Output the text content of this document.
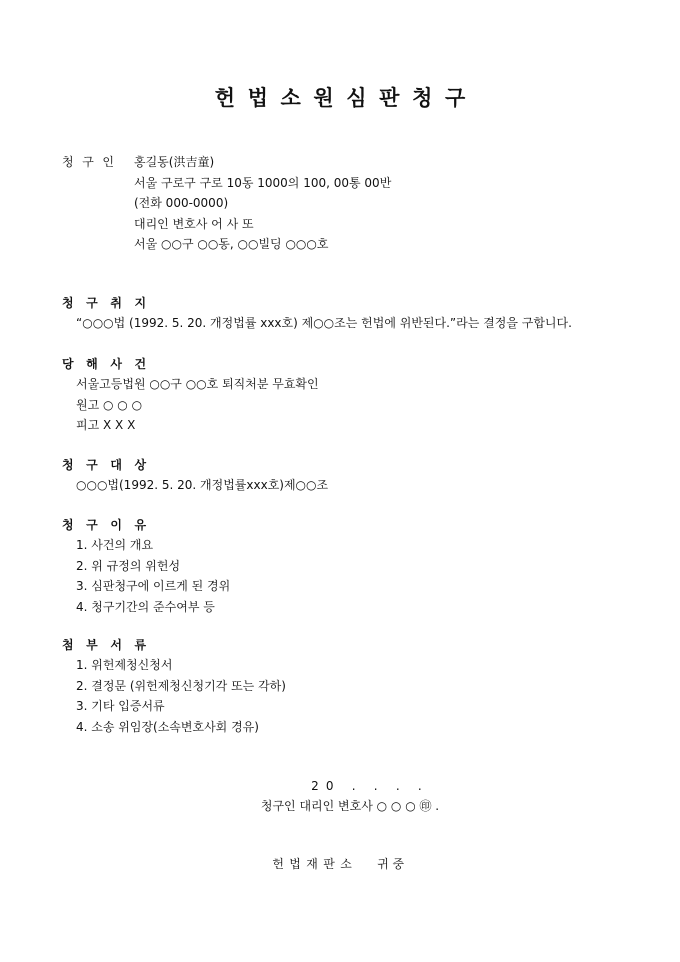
헌법소원심판청구
청 구 인 홍길동(洪吉童)
서울 구로구 구로 10동 1000의 100, 00통 00반
(전화 000-0000)
대리인 변호사 어 사 또
서울 ○○구 ○○동, ○○빌딩 ○○○호
청 구 취 지
“○○○법 (1992. 5. 20. 개정법률 xxx호) 제○○조는 헌법에 위반된다.”라는 결정을 구합니다.
당 해 사 건
서울고등법원 ○○구 ○○호 퇴직처분 무효확인
원고 ○ ○ ○
피고 X X X
청 구 대 상
○○○법(1992. 5. 20. 개정법률xxx호)제○○조
청 구 이 유
1. 사건의 개요
2. 위 규정의 위헌성
3. 심판청구에 이르게 된 경위
4. 청구기간의 준수여부 등
첨 부 서 류
1. 위헌제청신청서
2. 결정문 (위헌제청신청기각 또는 각하)
3. 기타 입증서류
4. 소송 위임장(소속변호사회 경유)
20 . . . .
청구인 대리인 변호사 ○ ○ ○ ㊞ .
헌법재판소 귀중
